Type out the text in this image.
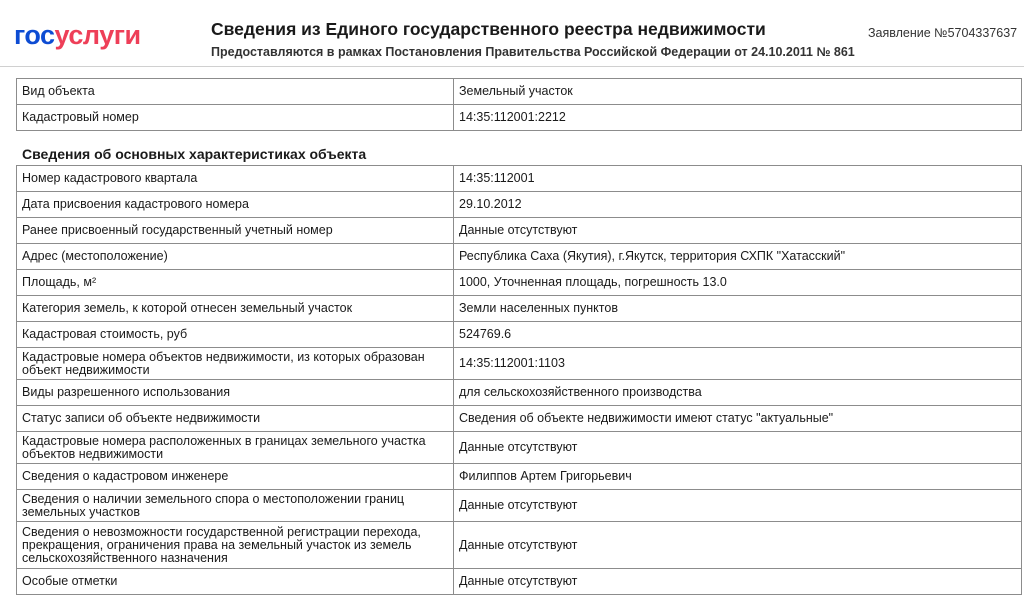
госуслуги	Сведения из Единого государственного реестра недвижимости
Предоставляются в рамках Постановления Правительства Российской Федерации от 24.10.2011 № 861
Заявление №5704337637
Вид объекта	Земельный участок
Кадастровый номер	14:35:112001:2212
Сведения об основных характеристиках объекта
Номер кадастрового квартала	14:35:112001
Дата присвоения кадастрового номера	29.10.2012
Ранее присвоенный государственный учетный номер	Данные отсутствуют
Адрес (местоположение)	Республика Саха (Якутия), г.Якутск, территория СХПК "Хатасский"
Площадь, м²	1000, Уточненная площадь, погрешность 13.0
Категория земель, к которой отнесен земельный участок	Земли населенных пунктов
Кадастровая стоимость, руб	524769.6
Кадастровые номера объектов недвижимости, из которых образован объект недвижимости	14:35:112001:1103
Виды разрешенного использования	для сельскохозяйственного производства
Статус записи об объекте недвижимости	Сведения об объекте недвижимости имеют статус "актуальные"
Кадастровые номера расположенных в границах земельного участка объектов недвижимости	Данные отсутствуют
Сведения о кадастровом инженере	Филиппов Артем Григорьевич
Сведения о наличии земельного спора о местоположении границ земельных участков	Данные отсутствуют
Сведения о невозможности государственной регистрации перехода, прекращения, ограничения права на земельный участок из земель сельскохозяйственного назначения	Данные отсутствуют
Особые отметки	Данные отсутствуют
